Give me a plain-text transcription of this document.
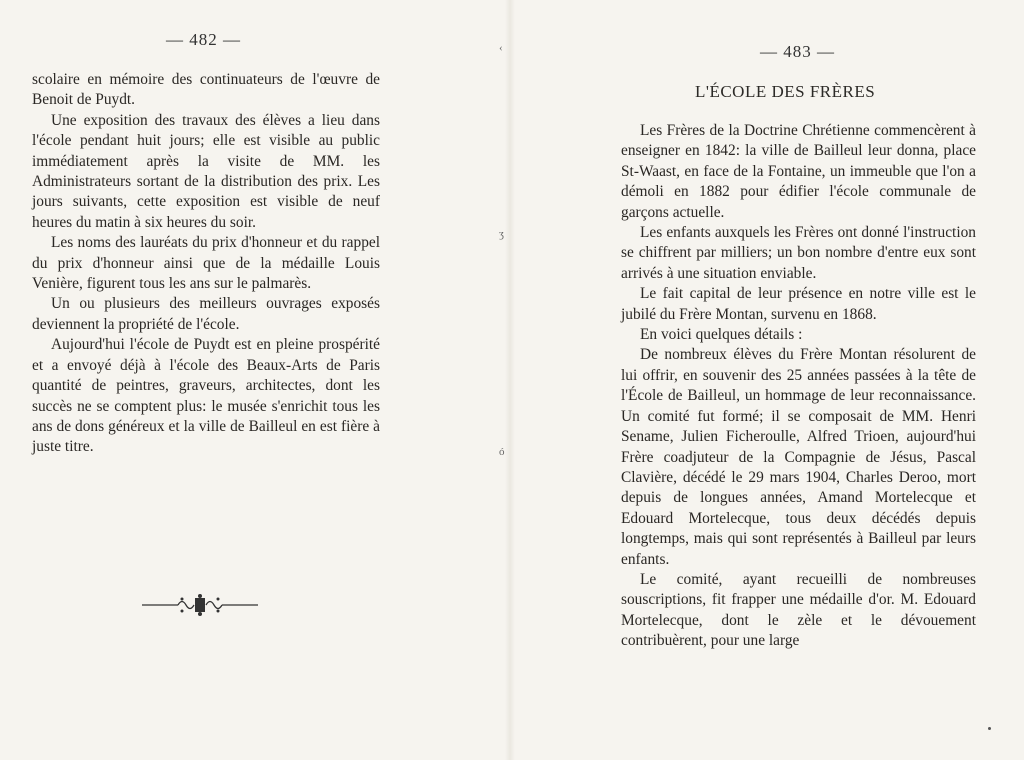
‹
ʒ
ó
— 482 —

scolaire en mémoire des continuateurs de l'œuvre de Benoit de Puydt.

Une exposition des travaux des élèves a lieu dans l'école pendant huit jours; elle est visible au public immédiatement après la visite de MM. les Administrateurs sortant de la distribution des prix. Les jours suivants, cette exposition est visible de neuf heures du matin à six heures du soir.

Les noms des lauréats du prix d'honneur et du rappel du prix d'honneur ainsi que de la médaille Louis Venière, figurent tous les ans sur le palmarès.

Un ou plusieurs des meilleurs ouvrages exposés deviennent la propriété de l'école.

Aujourd'hui l'école de Puydt est en pleine prospérité et a envoyé déjà à l'école des Beaux-Arts de Paris quantité de peintres, graveurs, architectes, dont les succès ne se comptent plus: le musée s'enrichit tous les ans de dons généreux et la ville de Bailleul en est fière à juste titre.

— 483 —
L'ÉCOLE DES FRÈRES

Les Frères de la Doctrine Chrétienne commencèrent à enseigner en 1842: la ville de Bailleul leur donna, place St-Waast, en face de la Fontaine, un immeuble que l'on a démoli en 1882 pour édifier l'école communale de garçons actuelle.

Les enfants auxquels les Frères ont donné l'instruction se chiffrent par milliers; un bon nombre d'entre eux sont arrivés à une situation enviable.

Le fait capital de leur présence en notre ville est le jubilé du Frère Montan, survenu en 1868.

En voici quelques détails :

De nombreux élèves du Frère Montan résolurent de lui offrir, en souvenir des 25 années passées à la tête de l'École de Bailleul, un hommage de leur reconnaissance. Un comité fut formé; il se composait de MM. Henri Sename, Julien Ficheroulle, Alfred Trioen, aujourd'hui Frère coadjuteur de la Compagnie de Jésus, Pascal Clavière, décédé le 29 mars 1904, Charles Deroo, mort depuis de longues années, Amand Mortelecque et Edouard Mortelecque, tous deux décédés depuis longtemps, mais qui sont représentés à Bailleul par leurs enfants.

Le comité, ayant recueilli de nombreuses souscriptions, fit frapper une médaille d'or. M. Edouard Mortelecque, dont le zèle et le dévouement contribuèrent, pour une large
